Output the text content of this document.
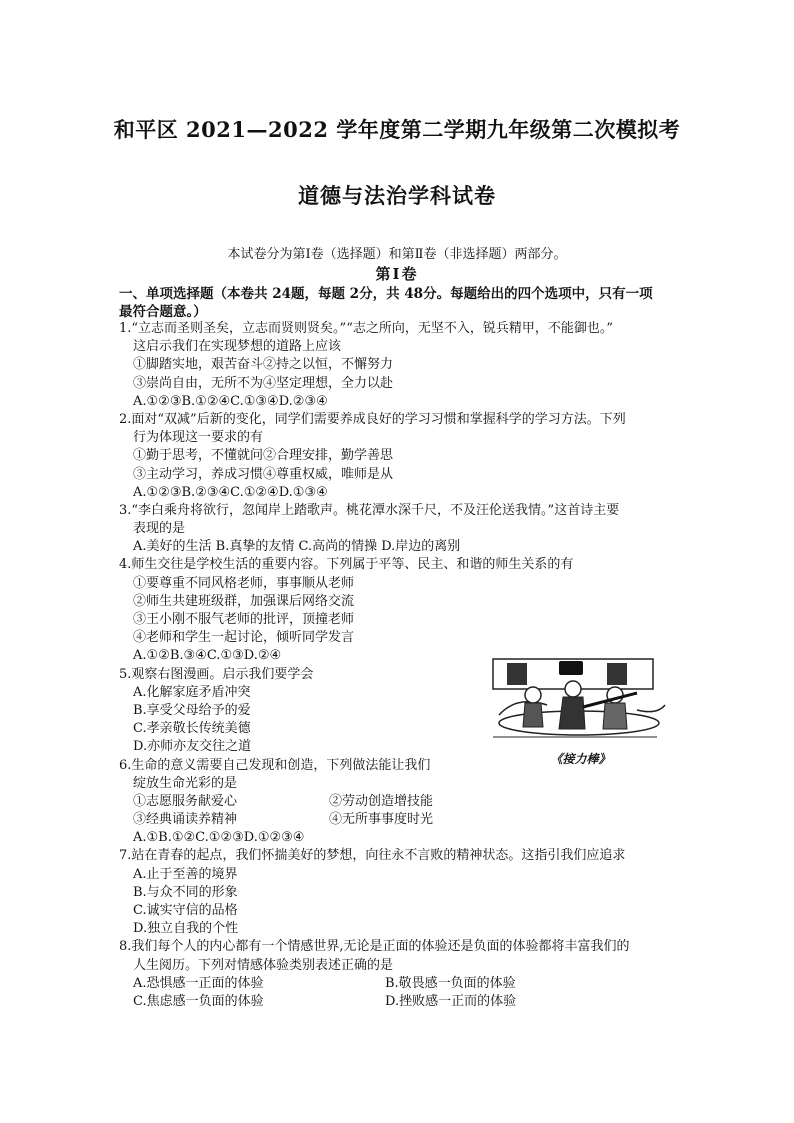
和平区 2021—2022 学年度第二学期九年级第二次模拟考
道德与法治学科试卷
本试卷分为第Ⅰ卷（选择题）和第Ⅱ卷（非选择题）两部分。
第Ⅰ卷
一、单项选择题（本卷共 24题，每题 2分，共 48分。每题给出的四个选项中，只有一项
最符合题意。）
1.“立志而圣则圣矣，立志而贤则贤矣。”“志之所向，无坚不入，锐兵精甲，不能御也。”
这启示我们在实现梦想的道路上应该
①脚踏实地，艰苦奋斗②持之以恒，不懈努力
③崇尚自由，无所不为④坚定理想，全力以赴
A.①②③B.①②④C.①③④D.②③④
2.面对“双减”后新的变化，同学们需要养成良好的学习习惯和掌握科学的学习方法。下列
行为体现这一要求的有
①勤于思考，不懂就问②合理安排，勤学善思
③主动学习，养成习惯④尊重权威，唯师是从
A.①②③B.②③④C.①②④D.①③④
3.“李白乘舟将欲行，忽闻岸上踏歌声。桃花潭水深千尺，不及汪伦送我情。”这首诗主要
表现的是
A.美好的生活 B.真挚的友情 C.高尚的情操 D.岸边的离别
4.师生交往是学校生活的重要内容。下列属于平等、民主、和谐的师生关系的有
①要尊重不同风格老师，事事顺从老师
②师生共建班级群，加强课后网络交流
③王小刚不服气老师的批评，顶撞老师
④老师和学生一起讨论，倾听同学发言
A.①②B.③④C.①③D.②④
5.观察右图漫画。启示我们要学会
A.化解家庭矛盾冲突
B.享受父母给予的爱
C.孝亲敬长传统美德
D.亦师亦友交往之道
6.生命的意义需要自己发现和创造，下列做法能让我们
绽放生命光彩的是
①志愿服务献爱心	②劳动创造增技能
③经典诵读养精神	④无所事事度时光
A.①B.①②C.①②③D.①②③④
7.站在青春的起点，我们怀揣美好的梦想，向往永不言败的精神状态。这指引我们应追求
A.止于至善的境界
B.与众不同的形象
C.诚实守信的品格
D.独立自我的个性
8.我们每个人的内心都有一个情感世界,无论是正面的体验还是负面的体验都将丰富我们的
人生阅历。下列对情感体验类别表述正确的是
A.恐惧感一正面的体验	B.敬畏感一负面的体验
C.焦虑感一负面的体验	D.挫败感一正而的体验
《接力棒》
